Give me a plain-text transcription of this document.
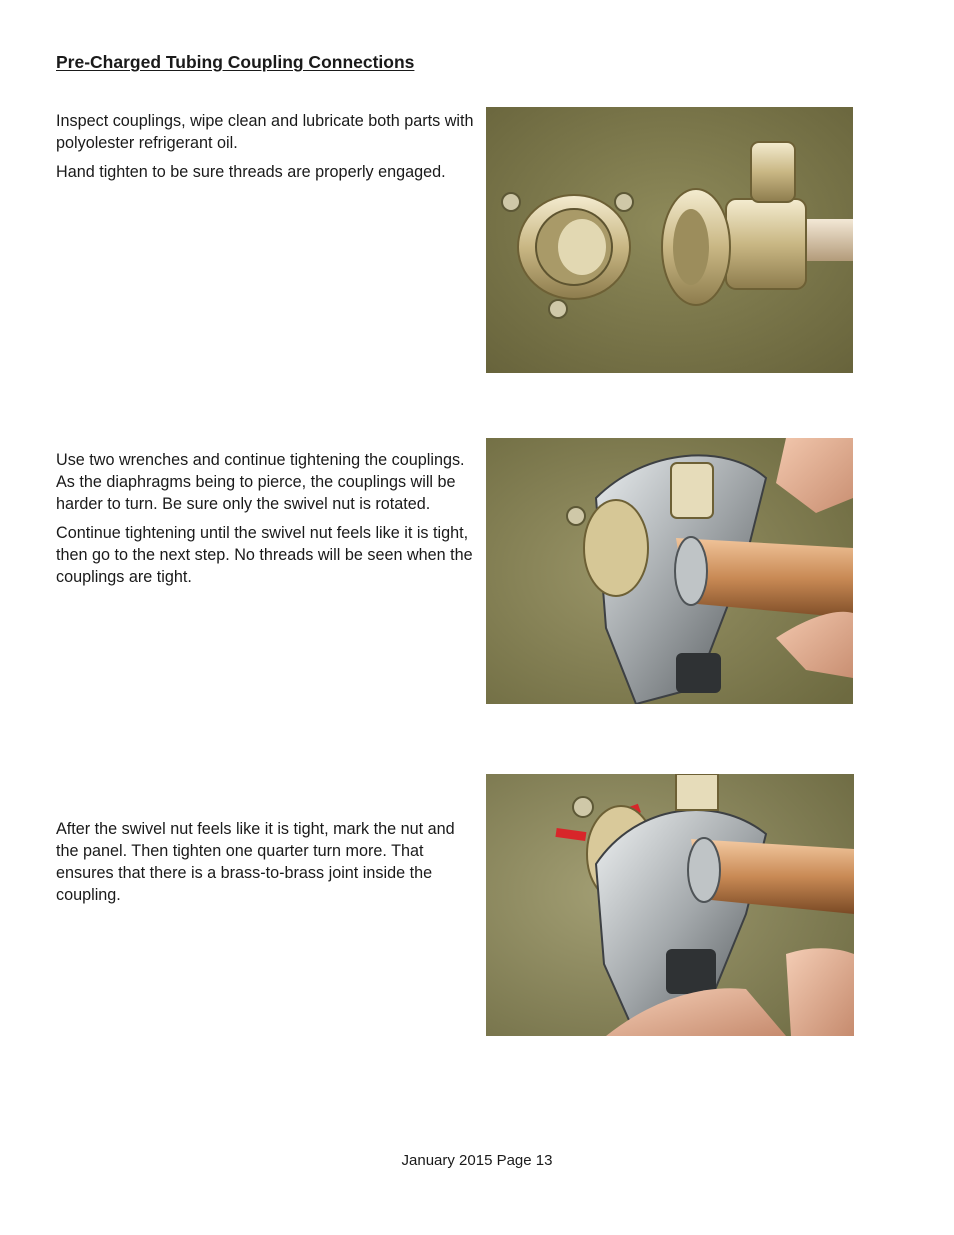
Pre-Charged Tubing Coupling Connections

Inspect couplings, wipe clean and lubricate both parts with polyolester refrigerant oil.

Hand tighten to be sure threads are properly engaged.

Use two wrenches and continue tightening the couplings. As the diaphragms being to pierce, the couplings will be harder to turn. Be sure only the swivel nut is rotated.

Continue tightening until the swivel nut feels like it is tight, then go to the next step. No threads will be seen when the couplings are tight.

After the swivel nut feels like it is tight, mark the nut and the panel. Then tighten one quarter turn more. That ensures that there is a brass-to-brass joint inside the coupling.

January 2015 Page 13
